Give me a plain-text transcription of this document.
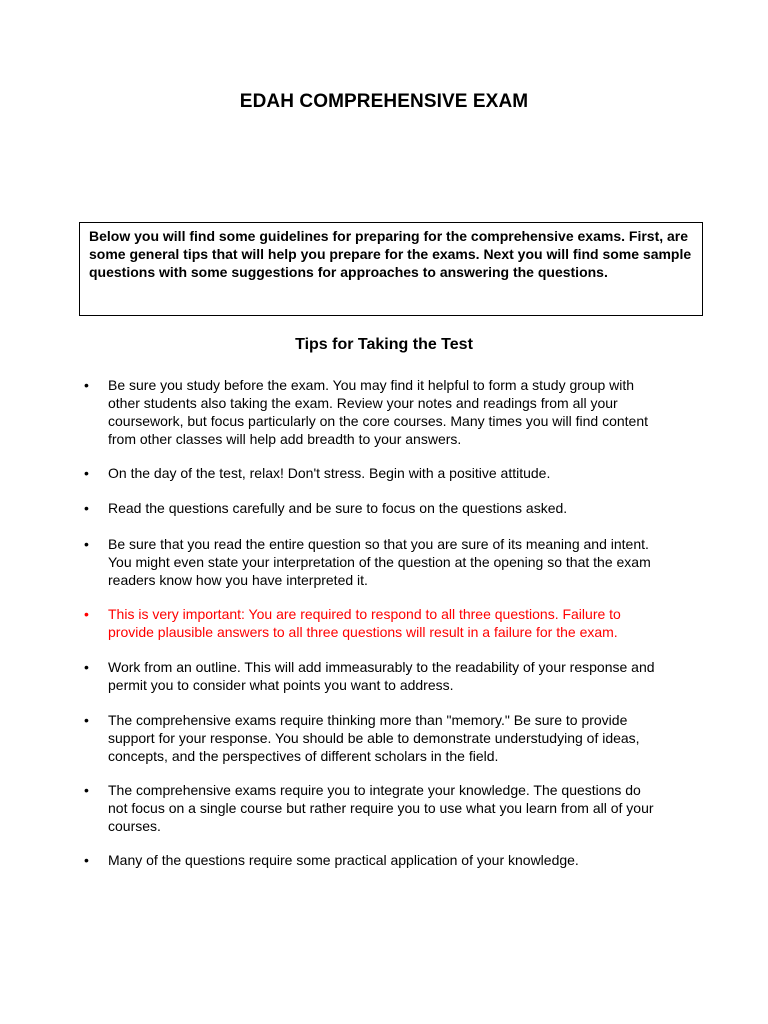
EDAH COMPREHENSIVE EXAM
Below you will find some guidelines for preparing for the comprehensive exams. First, are some general tips that will help you prepare for the exams. Next you will find some sample questions with some suggestions for approaches to answering the questions.
Tips for Taking the Test
•	Be sure you study before the exam. You may find it helpful to form a study group with
other students also taking the exam. Review your notes and readings from all your
coursework, but focus particularly on the core courses. Many times you will find content
from other classes will help add breadth to your answers.
•	On the day of the test, relax! Don't stress. Begin with a positive attitude.
•	Read the questions carefully and be sure to focus on the questions asked.
•	Be sure that you read the entire question so that you are sure of its meaning and intent.
You might even state your interpretation of the question at the opening so that the exam
readers know how you have interpreted it.
•	This is very important: You are required to respond to all three questions. Failure to
provide plausible answers to all three questions will result in a failure for the exam.
•	Work from an outline. This will add immeasurably to the readability of your response and
permit you to consider what points you want to address.
•	The comprehensive exams require thinking more than "memory." Be sure to provide
support for your response. You should be able to demonstrate understudying of ideas,
concepts, and the perspectives of different scholars in the field.
•	The comprehensive exams require you to integrate your knowledge. The questions do
not focus on a single course but rather require you to use what you learn from all of your
courses.
•	Many of the questions require some practical application of your knowledge.
